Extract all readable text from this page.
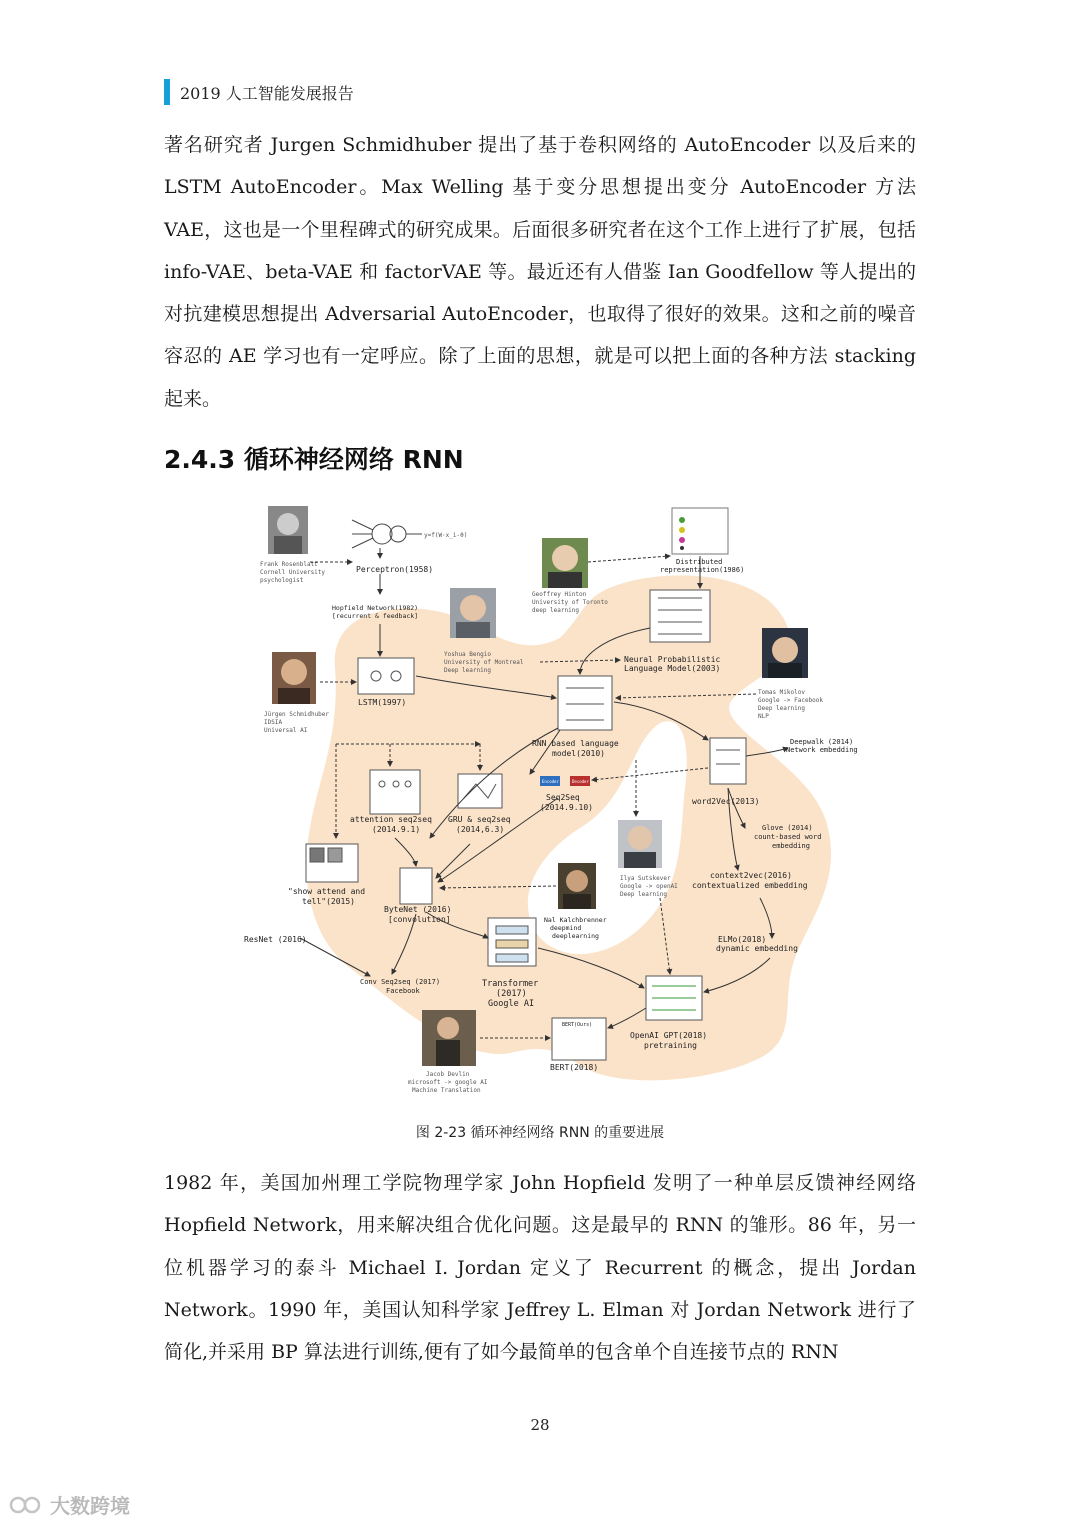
2019 人工智能发展报告

著名研究者 Jurgen Schmidhuber 提出了基于卷积网络的 AutoEncoder 以及后来的 LSTM AutoEncoder。Max Welling 基于变分思想提出变分 AutoEncoder 方法 VAE，这也是一个里程碑式的研究成果。后面很多研究者在这个工作上进行了扩展，包括 info-VAE、beta-VAE 和 factorVAE 等。最近还有人借鉴 Ian Goodfellow 等人提出的对抗建模思想提出 Adversarial AutoEncoder，也取得了很好的效果。这和之前的噪音容忍的 AE 学习也有一定呼应。除了上面的思想，就是可以把上面的各种方法 stacking 起来。

2.4.3 循环神经网络 RNN
y=f(W·x_i-θ)
Encoder	Decoder
BERT(Ours)
Frank Rosenblatt
Cornell University
psychologist
Perceptron(1958)
Hopfield Network(1982)
[recurrent & feedback]
Jürgen Schmidhuber
IDSIA
Universal AI
LSTM(1997)
Yoshua Bengio
University of Montreal
Deep learning
Geoffrey Hinton
University of Toronto
deep learning
Distributed
representation(1986)
Neural Probabilistic
Language Model(2003)
Tomas Mikolov
Google -> Facebook
Deep learning
NLP
RNN based language
model(2010)
Deepwalk (2014)
Network embedding
attention seq2seq
(2014.9.1)
GRU & seq2seq
(2014,6.3)
Seq2Seq
(2014.9.10)
word2Vec(2013)
Glove (2014)
count-based word
embedding
"show attend and
tell"(2015)
Ilya Sutskever
Google -> openAI
Deep learning
context2vec(2016)
contextualized embedding
Nal Kalchbrenner
deepmind
deeplearning
ByteNet (2016)
[convolution]
ResNet (2016)	ELMo(2018)
dynamic embedding
Conv Seq2seq (2017)
Facebook
Transformer
(2017)
Google AI
OpenAI GPT(2018)
pretraining
BERT(2018)
Jacob Devlin
microsoft -> google AI
Machine Translation
图 2-23 循环神经网络 RNN 的重要进展

1982 年，美国加州理工学院物理学家 John Hopfield 发明了一种单层反馈神经网络 Hopfield Network，用来解决组合优化问题。这是最早的 RNN 的雏形。86 年，另一位机器学习的泰斗 Michael I. Jordan 定义了 Recurrent 的概念，提出 Jordan Network。1990 年，美国认知科学家 Jeffrey L. Elman 对 Jordan Network 进行了简化,并采用 BP 算法进行训练,便有了如今最简单的包含单个自连接节点的 RNN

28
大数跨境
